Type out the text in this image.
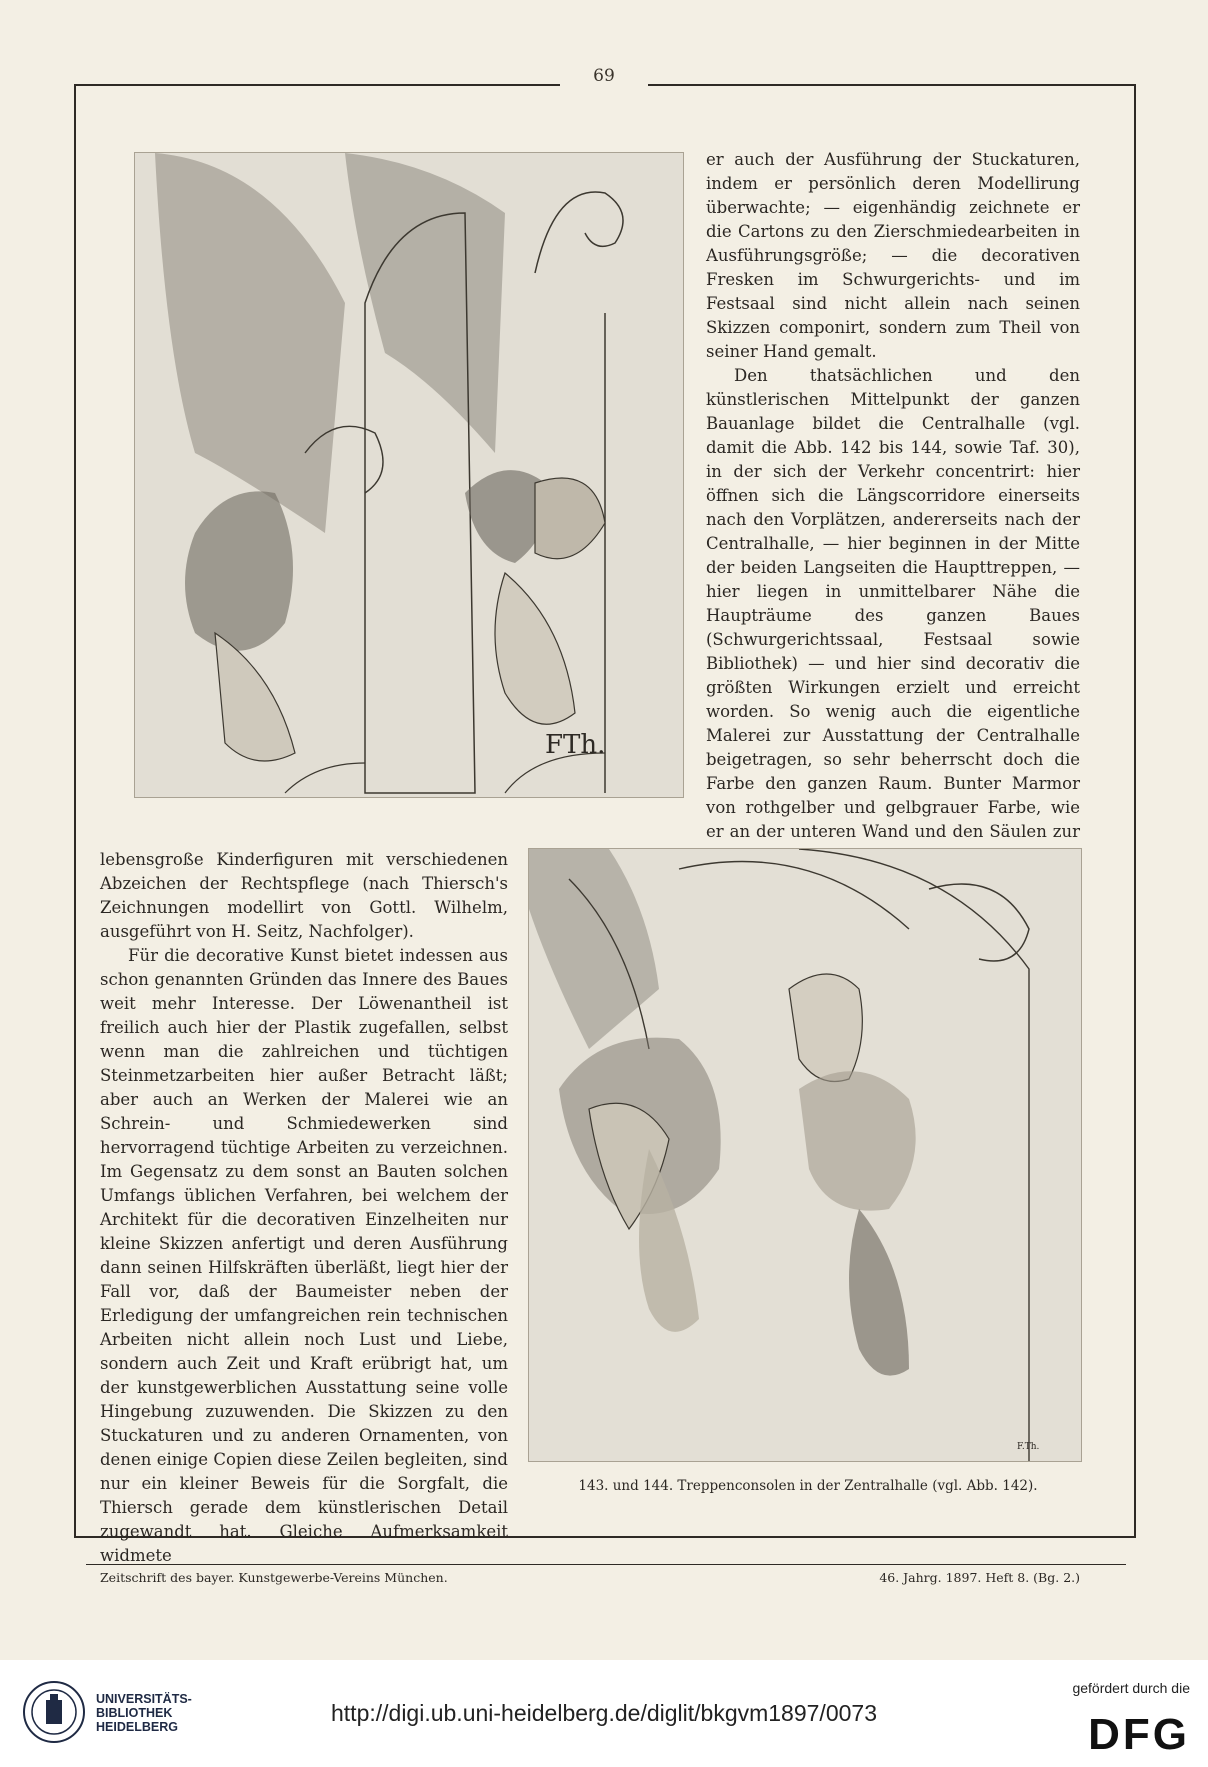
69
FTh.

er auch der Ausführung der Stuckaturen, indem er persönlich deren Modellirung überwachte; — eigenhändig zeichnete er die Cartons zu den Zierschmiedearbeiten in Ausführungsgröße; — die decorativen Fresken im Schwurgerichts- und im Festsaal sind nicht allein nach seinen Skizzen componirt, sondern zum Theil von seiner Hand gemalt.

Den thatsächlichen und den künstlerischen Mittelpunkt der ganzen Bauanlage bildet die Centralhalle (vgl. damit die Abb. 142 bis 144, sowie Taf. 30), in der sich der Verkehr concentrirt: hier öffnen sich die Längscorridore einerseits nach den Vorplätzen, andererseits nach der Centralhalle, — hier beginnen in der Mitte der beiden Langseiten die Haupttreppen, — hier liegen in unmittelbarer Nähe die Haupträume des ganzen Baues (Schwurgerichtssaal, Festsaal sowie Bibliothek) — und hier sind decorativ die größten Wirkungen erzielt und erreicht worden. So wenig auch die eigentliche Malerei zur Ausstattung der Centralhalle beigetragen, so sehr beherrscht doch die Farbe den ganzen Raum. Bunter Marmor von rothgelber und gelbgrauer Farbe, wie er an der unteren Wand und den Säulen zur

lebensgroße Kinderfiguren mit verschiedenen Abzeichen der Rechtspflege (nach Thiersch's Zeichnungen modellirt von Gottl. Wilhelm, ausgeführt von H. Seitz, Nachfolger).

Für die decorative Kunst bietet indessen aus schon genannten Gründen das Innere des Baues weit mehr Interesse. Der Löwenantheil ist freilich auch hier der Plastik zugefallen, selbst wenn man die zahlreichen und tüchtigen Steinmetzarbeiten hier außer Betracht läßt; aber auch an Werken der Malerei wie an Schrein- und Schmiedewerken sind hervorragend tüchtige Arbeiten zu verzeichnen. Im Gegensatz zu dem sonst an Bauten solchen Umfangs üblichen Verfahren, bei welchem der Architekt für die decorativen Einzelheiten nur kleine Skizzen anfertigt und deren Ausführung dann seinen Hilfskräften überläßt, liegt hier der Fall vor, daß der Baumeister neben der Erledigung der umfangreichen rein technischen Arbeiten nicht allein noch Lust und Liebe, sondern auch Zeit und Kraft erübrigt hat, um der kunstgewerblichen Ausstattung seine volle Hingebung zuzuwenden. Die Skizzen zu den Stuckaturen und zu anderen Ornamenten, von denen einige Copien diese Zeilen begleiten, sind nur ein kleiner Beweis für die Sorgfalt, die Thiersch gerade dem künstlerischen Detail zugewandt hat. Gleiche Aufmerksamkeit widmete

F.Th.
143. und 144. Treppenconsolen in der Zentralhalle (vgl. Abb. 142).
Zeitschrift des bayer. Kunstgewerbe-Vereins München.	46. Jahrg. 1897. Heft 8. (Bg. 2.)
UNIVERSITÄTS-
BIBLIOTHEK
HEIDELBERG
http://digi.ub.uni-heidelberg.de/diglit/bkgvm1897/0073
gefördert durch die
DFG
